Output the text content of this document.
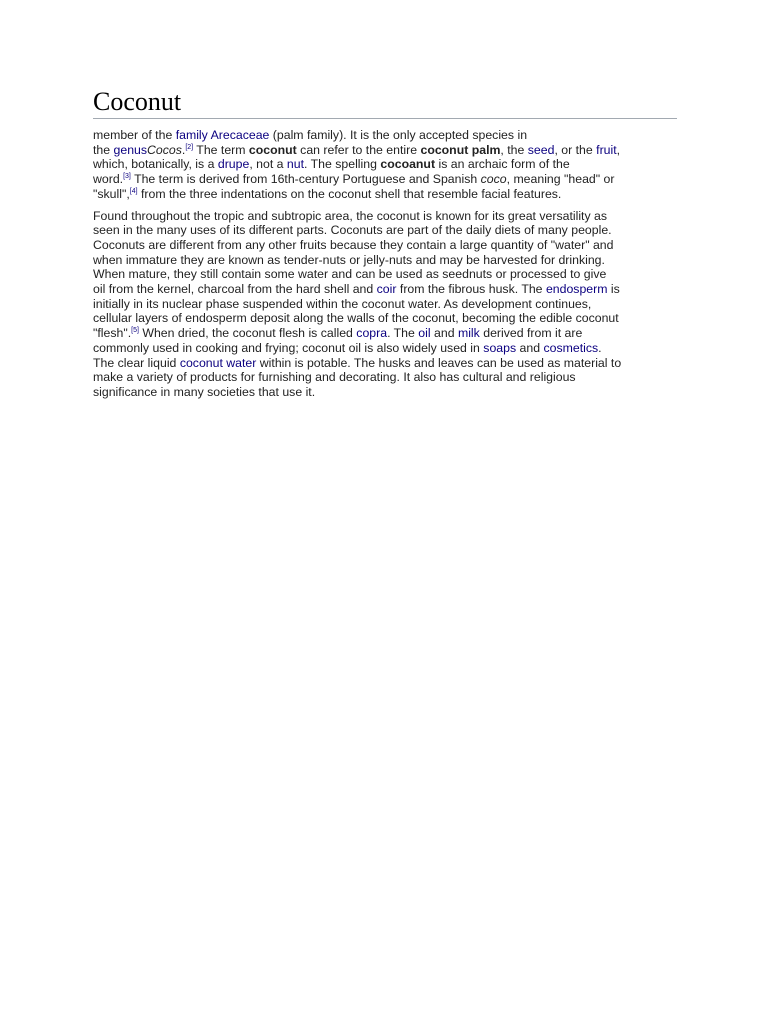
Coconut

member of the family Arecaceae (palm family). It is the only accepted species in
the genusCocos.[2] The term coconut can refer to the entire coconut palm, the seed, or the fruit,
which, botanically, is a drupe, not a nut. The spelling cocoanut is an archaic form of the
word.[3] The term is derived from 16th-century Portuguese and Spanish coco, meaning "head" or
"skull",[4] from the three indentations on the coconut shell that resemble facial features.

Found throughout the tropic and subtropic area, the coconut is known for its great versatility as
seen in the many uses of its different parts. Coconuts are part of the daily diets of many people.
Coconuts are different from any other fruits because they contain a large quantity of "water" and
when immature they are known as tender-nuts or jelly-nuts and may be harvested for drinking.
When mature, they still contain some water and can be used as seednuts or processed to give
oil from the kernel, charcoal from the hard shell and coir from the fibrous husk. The endosperm is
initially in its nuclear phase suspended within the coconut water. As development continues,
cellular layers of endosperm deposit along the walls of the coconut, becoming the edible coconut
"flesh".[5] When dried, the coconut flesh is called copra. The oil and milk derived from it are
commonly used in cooking and frying; coconut oil is also widely used in soaps and cosmetics.
The clear liquid coconut water within is potable. The husks and leaves can be used as material to
make a variety of products for furnishing and decorating. It also has cultural and religious
significance in many societies that use it.
